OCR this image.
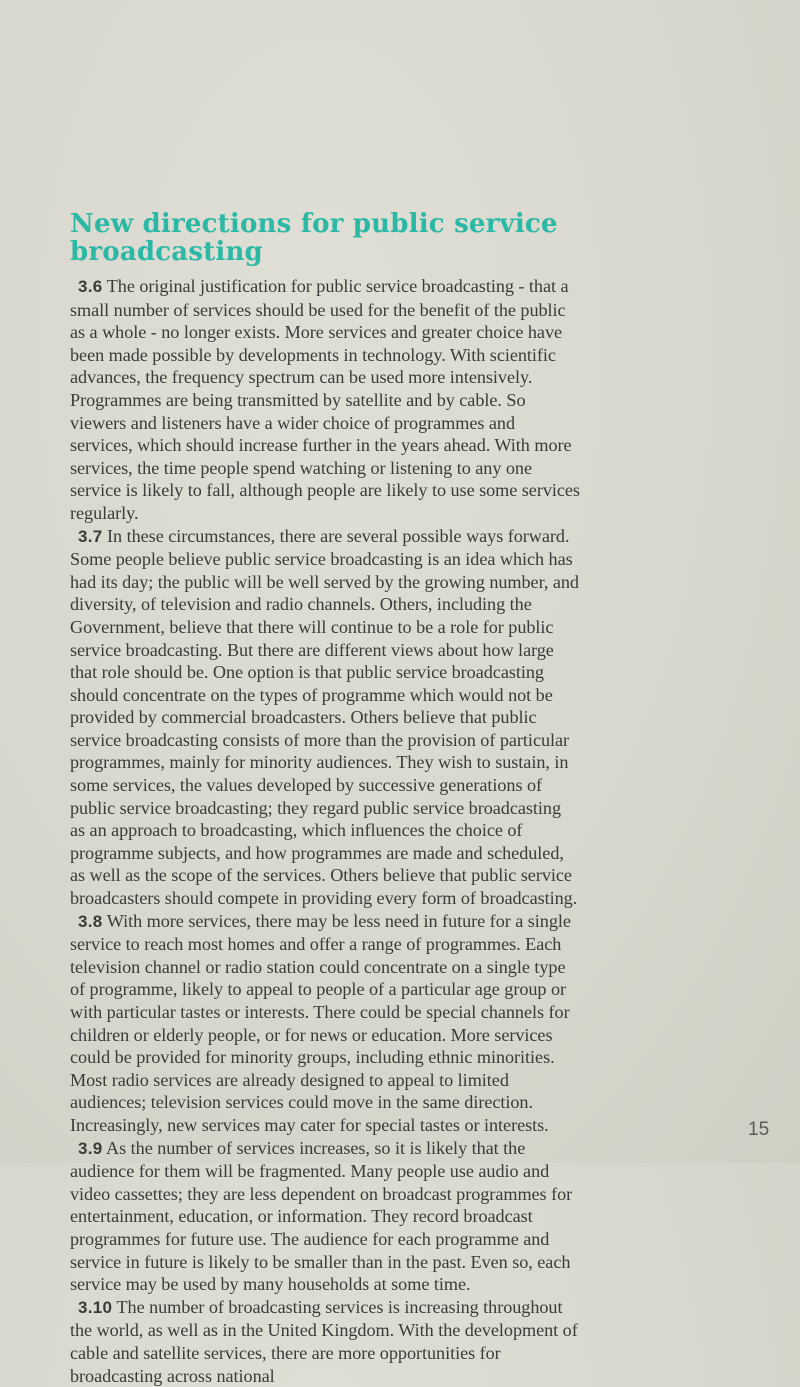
New directions for public service
broadcasting

3.6 The original justification for public service broadcasting - that a small number of services should be used for the benefit of the public as a whole - no longer exists. More services and greater choice have been made possible by developments in technology. With scientific advances, the frequency spectrum can be used more intensively. Programmes are being transmitted by satellite and by cable. So viewers and listeners have a wider choice of programmes and services, which should increase further in the years ahead. With more services, the time people spend watching or listening to any one service is likely to fall, although people are likely to use some services regularly.

3.7 In these circumstances, there are several possible ways forward. Some people believe public service broadcasting is an idea which has had its day; the public will be well served by the growing number, and diversity, of television and radio channels. Others, including the Government, believe that there will continue to be a role for public service broadcasting. But there are different views about how large that role should be. One option is that public service broadcasting should concentrate on the types of programme which would not be provided by commercial broadcasters. Others believe that public service broadcasting consists of more than the provision of particular programmes, mainly for minority audiences. They wish to sustain, in some services, the values developed by successive generations of public service broadcasting; they regard public service broadcasting as an approach to broadcasting, which influences the choice of programme subjects, and how programmes are made and scheduled, as well as the scope of the services. Others believe that public service broadcasters should compete in providing every form of broadcasting.

3.8 With more services, there may be less need in future for a single service to reach most homes and offer a range of programmes. Each television channel or radio station could concentrate on a single type of programme, likely to appeal to people of a particular age group or with particular tastes or interests. There could be special channels for children or elderly people, or for news or education. More services could be provided for minority groups, including ethnic minorities. Most radio services are already designed to appeal to limited audiences; television services could move in the same direction. Increasingly, new services may cater for special tastes or interests.

3.9 As the number of services increases, so it is likely that the audience for them will be fragmented. Many people use audio and video cassettes; they are less dependent on broadcast programmes for entertainment, education, or information. They record broadcast programmes for future use. The audience for each programme and service in future is likely to be smaller than in the past. Even so, each service may be used by many households at some time.

3.10 The number of broadcasting services is increasing throughout the world, as well as in the United Kingdom. With the development of cable and satellite services, there are more opportunities for broadcasting across national

15
